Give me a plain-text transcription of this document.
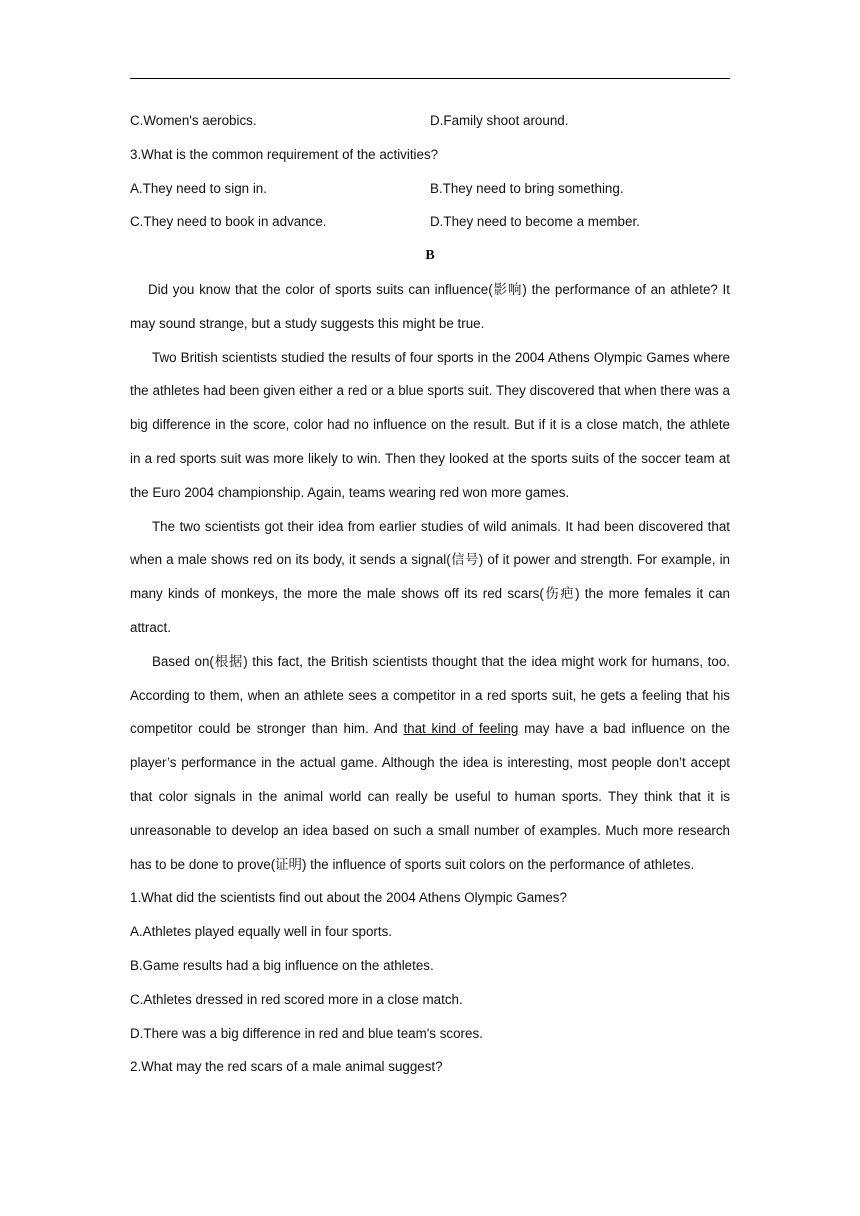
C.Women's aerobics.	D.Family shoot around.
3.What is the common requirement of the activities?
A.They need to sign in.	B.They need to bring something.
C.They need to book in advance.	D.They need to become a member.
B

Did you know that the color of sports suits can influence(影响) the performance of an athlete? It may sound strange, but a study suggests this might be true.

Two British scientists studied the results of four sports in the 2004 Athens Olympic Games where the athletes had been given either a red or a blue sports suit. They discovered that when there was a big difference in the score, color had no influence on the result. But if it is a close match, the athlete in a red sports suit was more likely to win. Then they looked at the sports suits of the soccer team at the Euro 2004 championship. Again, teams wearing red won more games.

The two scientists got their idea from earlier studies of wild animals. It had been discovered that when a male shows red on its body, it sends a signal(信号) of it power and strength. For example, in many kinds of monkeys, the more the male shows off its red scars(伤疤) the more females it can attract.

Based on(根据) this fact, the British scientists thought that the idea might work for humans, too. According to them, when an athlete sees a competitor in a red sports suit, he gets a feeling that his competitor could be stronger than him. And that kind of feeling may have a bad influence on the player’s performance in the actual game. Although the idea is interesting, most people don’t accept that color signals in the animal world can really be useful to human sports. They think that it is unreasonable to develop an idea based on such a small number of examples. Much more research has to be done to prove(证明) the influence of sports suit colors on the performance of athletes.

1.What did the scientists find out about the 2004 Athens Olympic Games?
A.Athletes played equally well in four sports.
B.Game results had a big influence on the athletes.
C.Athletes dressed in red scored more in a close match.
D.There was a big difference in red and blue team's scores.
2.What may the red scars of a male animal suggest?
